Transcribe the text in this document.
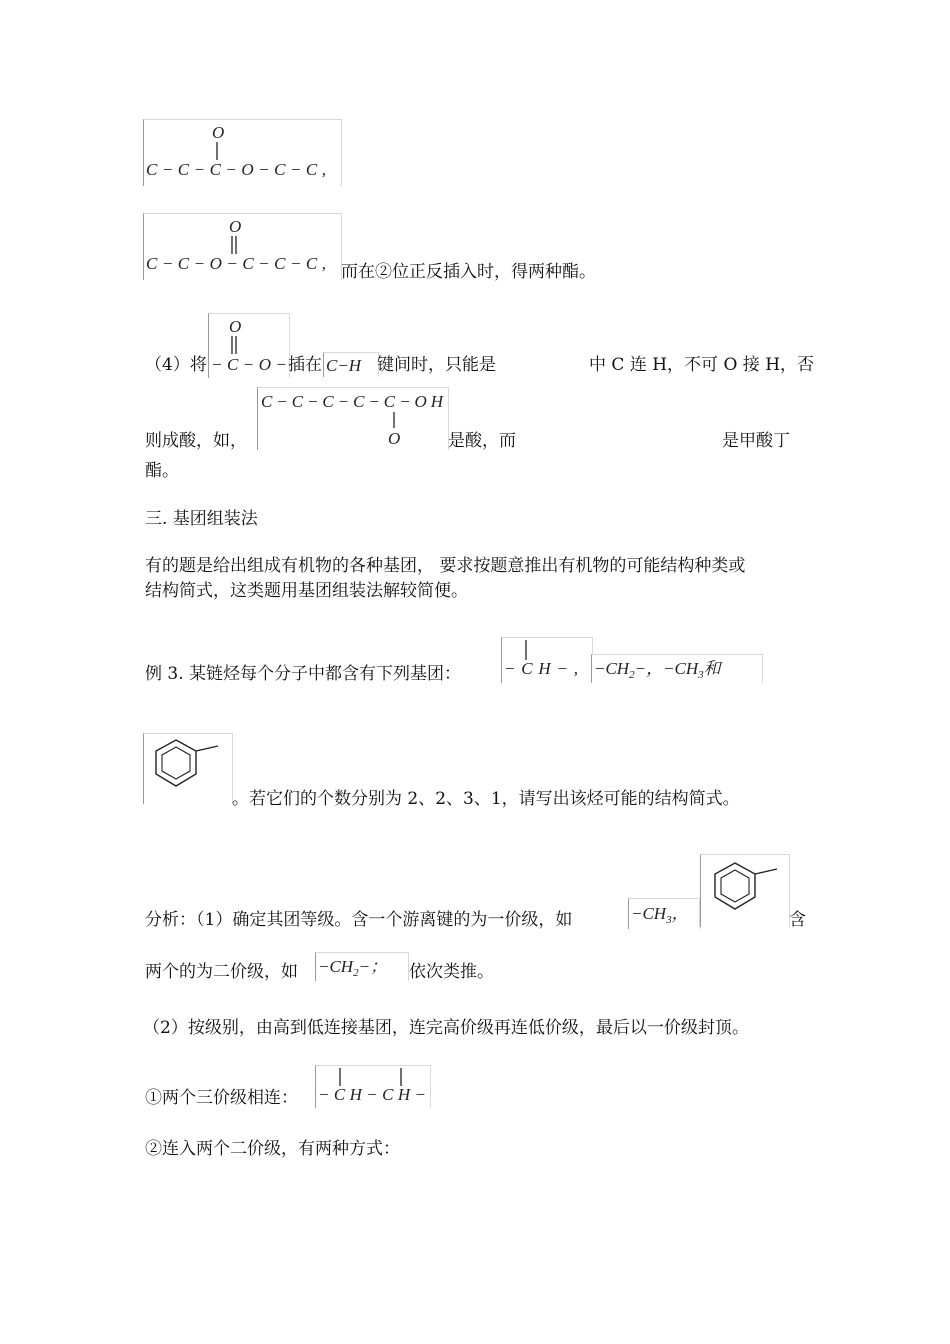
O
C−C−C−O−C−C,
O
C−C−O−C−C−C, 而在②位正反插入时，得两种酯。
（4）将
O
−C−O− 插在 C−H 键间时，只能是	中 C 连 H，不可 O 接 H，否
则成酸，如，
C−C−C−C−C−OH
O	是酸，而	是甲酸丁
酯。
三. 基团组装法
有的题是给出组成有机物的各种基团， 要求按题意推出有机物的可能结构种类或
结构简式，这类题用基团组装法解较简便。
例 3. 某链烃每个分子中都含有下列基团：	−CH−, $-CH_2-$，$-CH_3$和
。若它们的个数分别为 2、2、3、1，请写出该烃可能的结构简式。
分析：（1）确定其团等级。含一个游离键的为一价级，如	$-CH_3$，	含
两个的为二价级，如 $-CH_2-$； 依次类推。
（2）按级别，由高到低连接基团，连完高价级再连低价级，最后以一价级封顶。
①两个三价级相连： −CH−CH−
②连入两个二价级，有两种方式：
